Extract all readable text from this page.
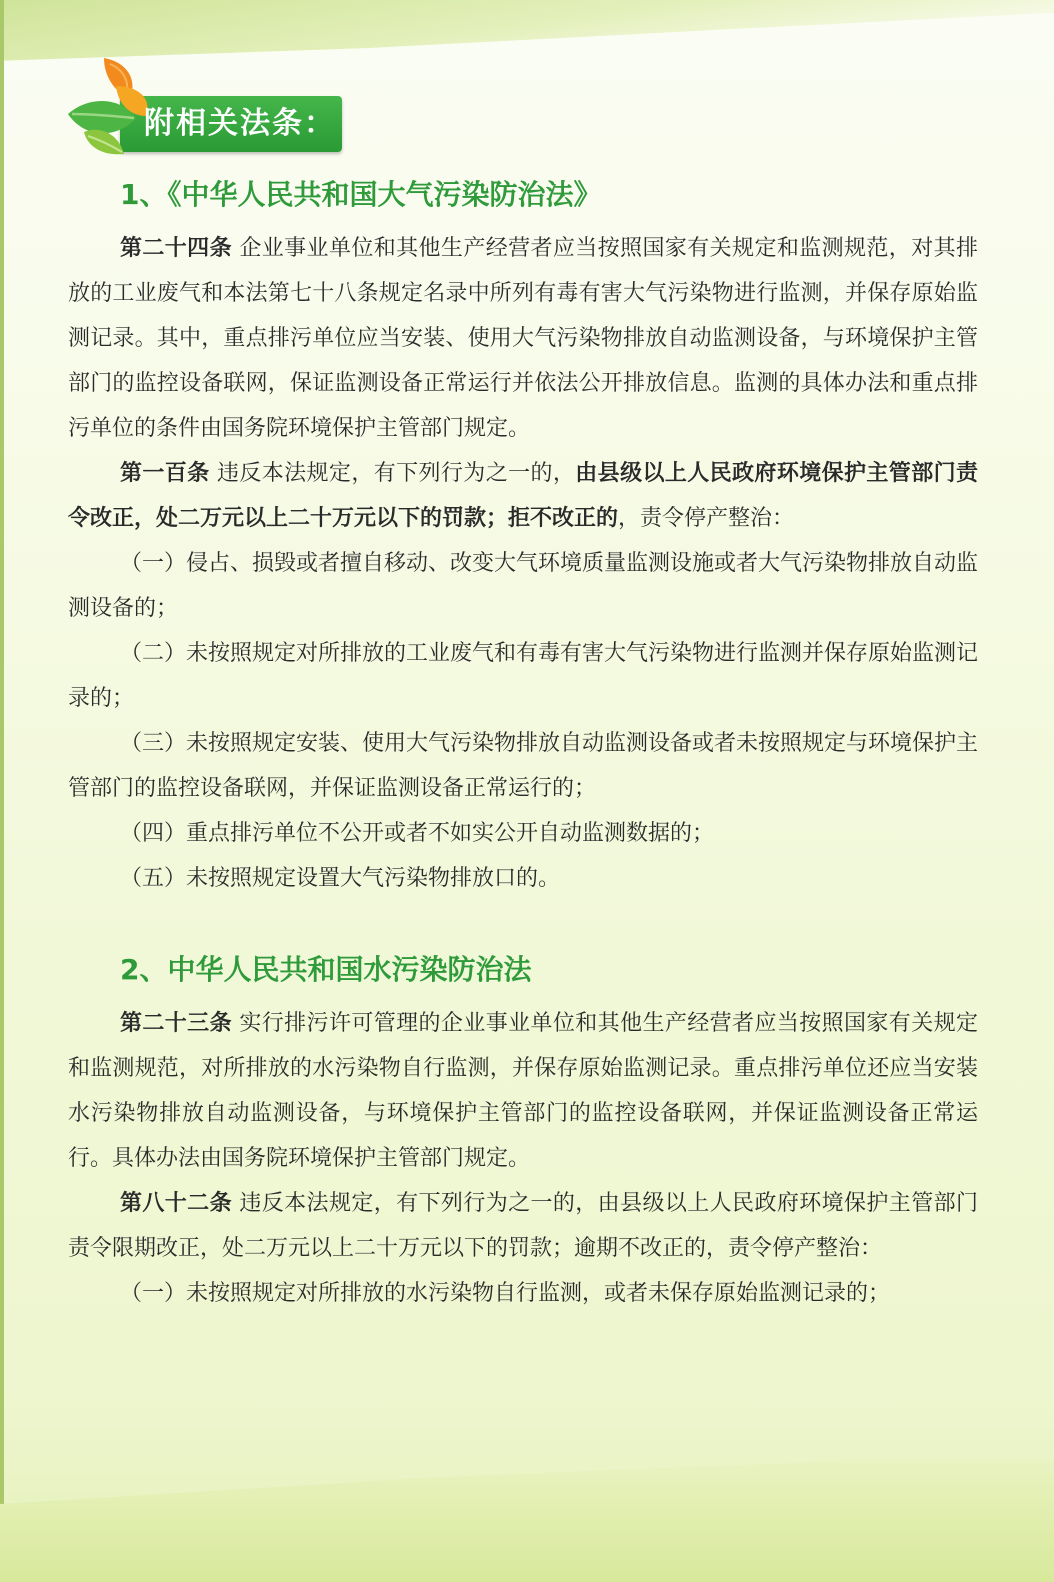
附相关法条：
1、《中华人民共和国大气污染防治法》

第二十四条 企业事业单位和其他生产经营者应当按照国家有关规定和监测规范，对其排放的工业废气和本法第七十八条规定名录中所列有毒有害大气污染物进行监测，并保存原始监测记录。其中，重点排污单位应当安装、使用大气污染物排放自动监测设备，与环境保护主管部门的监控设备联网，保证监测设备正常运行并依法公开排放信息。监测的具体办法和重点排污单位的条件由国务院环境保护主管部门规定。

第一百条 违反本法规定，有下列行为之一的，由县级以上人民政府环境保护主管部门责令改正，处二万元以上二十万元以下的罚款；拒不改正的，责令停产整治：

（一）侵占、损毁或者擅自移动、改变大气环境质量监测设施或者大气污染物排放自动监测设备的；

（二）未按照规定对所排放的工业废气和有毒有害大气污染物进行监测并保存原始监测记录的；

（三）未按照规定安装、使用大气污染物排放自动监测设备或者未按照规定与环境保护主管部门的监控设备联网，并保证监测设备正常运行的；

（四）重点排污单位不公开或者不如实公开自动监测数据的；

（五）未按照规定设置大气污染物排放口的。

2、中华人民共和国水污染防治法

第二十三条 实行排污许可管理的企业事业单位和其他生产经营者应当按照国家有关规定和监测规范，对所排放的水污染物自行监测，并保存原始监测记录。重点排污单位还应当安装水污染物排放自动监测设备，与环境保护主管部门的监控设备联网，并保证监测设备正常运行。具体办法由国务院环境保护主管部门规定。

第八十二条 违反本法规定，有下列行为之一的，由县级以上人民政府环境保护主管部门责令限期改正，处二万元以上二十万元以下的罚款；逾期不改正的，责令停产整治：

（一）未按照规定对所排放的水污染物自行监测，或者未保存原始监测记录的；
